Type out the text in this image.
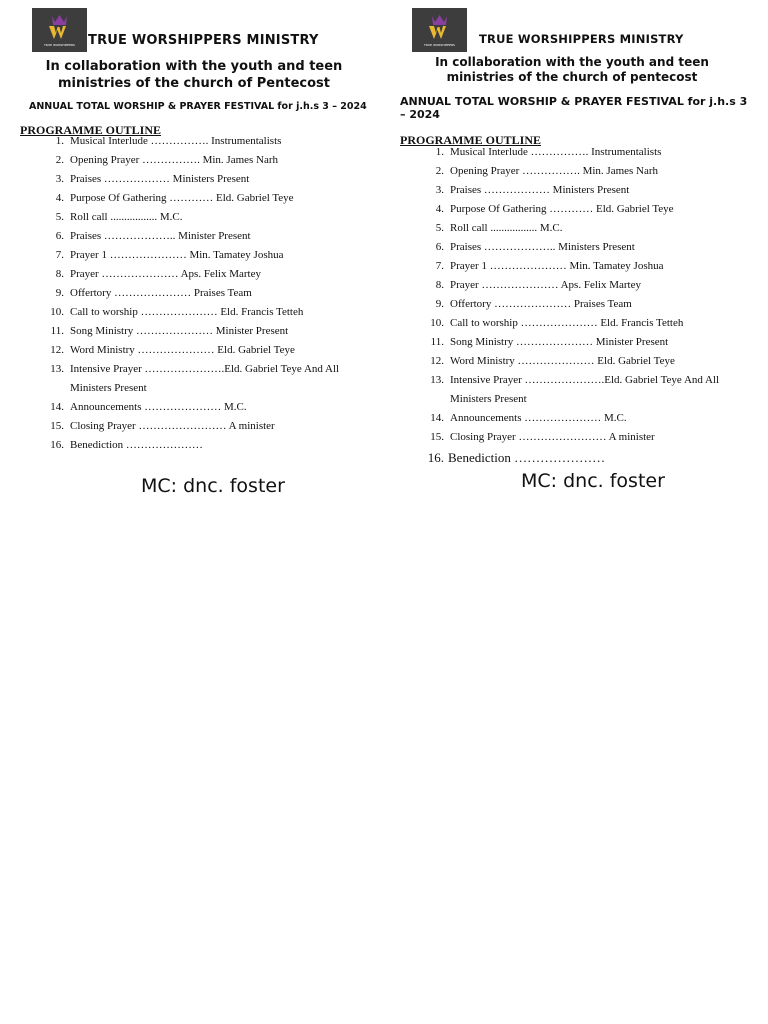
TRUE WORSHIPPERS TRUE WORSHIPPERS MINISTRY
In collaboration with the youth and teen ministries of the church of Pentecost
ANNUAL TOTAL WORSHIP & PRAYER FESTIVAL for j.h.s 3 – 2024
PROGRAMME OUTLINE
1. Musical Interlude ……………. Instrumentalists
2. Opening Prayer ……………. Min. James Narh
3. Praises ……………… Ministers Present
4. Purpose Of Gathering ………… Eld. Gabriel Teye
5. Roll call ................. M.C.
6. Praises ……………….. Minister Present
7. Prayer 1 ………………… Min. Tamatey Joshua
8. Prayer ………………… Aps. Felix Martey
9. Offertory ………………… Praises Team
10. Call to worship ………………… Eld. Francis Tetteh
11. Song Ministry ………………… Minister Present
12. Word Ministry ………………… Eld. Gabriel Teye
13. Intensive Prayer ………………….Eld. Gabriel Teye And All
Ministers Present
14. Announcements ………………… M.C.
15. Closing Prayer …………………… A minister
16. Benediction …………………
MC: dnc. foster
TRUE WORSHIPPERS TRUE WORSHIPPERS MINISTRY
In collaboration with the youth and teen ministries of the church of pentecost
ANNUAL TOTAL WORSHIP & PRAYER FESTIVAL for j.h.s 3 – 2024
PROGRAMME OUTLINE
1. Musical Interlude ……………. Instrumentalists
2. Opening Prayer ……………. Min. James Narh
3. Praises ……………… Ministers Present
4. Purpose Of Gathering ………… Eld. Gabriel Teye
5. Roll call ................. M.C.
6. Praises ……………….. Ministers Present
7. Prayer 1 ………………… Min. Tamatey Joshua
8. Prayer ………………… Aps. Felix Martey
9. Offertory ………………… Praises Team
10. Call to worship ………………… Eld. Francis Tetteh
11. Song Ministry ………………… Minister Present
12. Word Ministry ………………… Eld. Gabriel Teye
13. Intensive Prayer ………………….Eld. Gabriel Teye And All
Ministers Present
14. Announcements ………………… M.C.
15. Closing Prayer …………………… A minister
16. Benediction …………………
MC: dnc. foster
